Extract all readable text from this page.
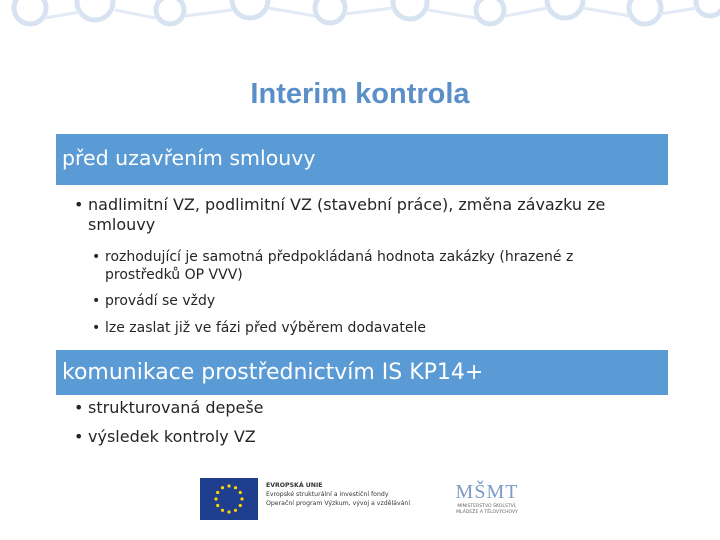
Interim kontrola
před uzavřením smlouvy
• nadlimitní VZ, podlimitní VZ (stavební práce), změna závazku ze
smlouvy
• rozhodující je samotná předpokládaná hodnota zakázky (hrazené z
prostředků OP VVV)
• provádí se vždy
• lze zaslat již ve fázi před výběrem dodavatele
komunikace prostřednictvím IS KP14+
• strukturovaná depeše
• výsledek kontroly VZ
EVROPSKÁ UNIE
Evropské strukturální a investiční fondy
Operační program Výzkum, vývoj a vzdělávání
MŠMT
MINISTERSTVO ŠKOLSTVÍ,
MLÁDEŽE A TĚLOVÝCHOVY
